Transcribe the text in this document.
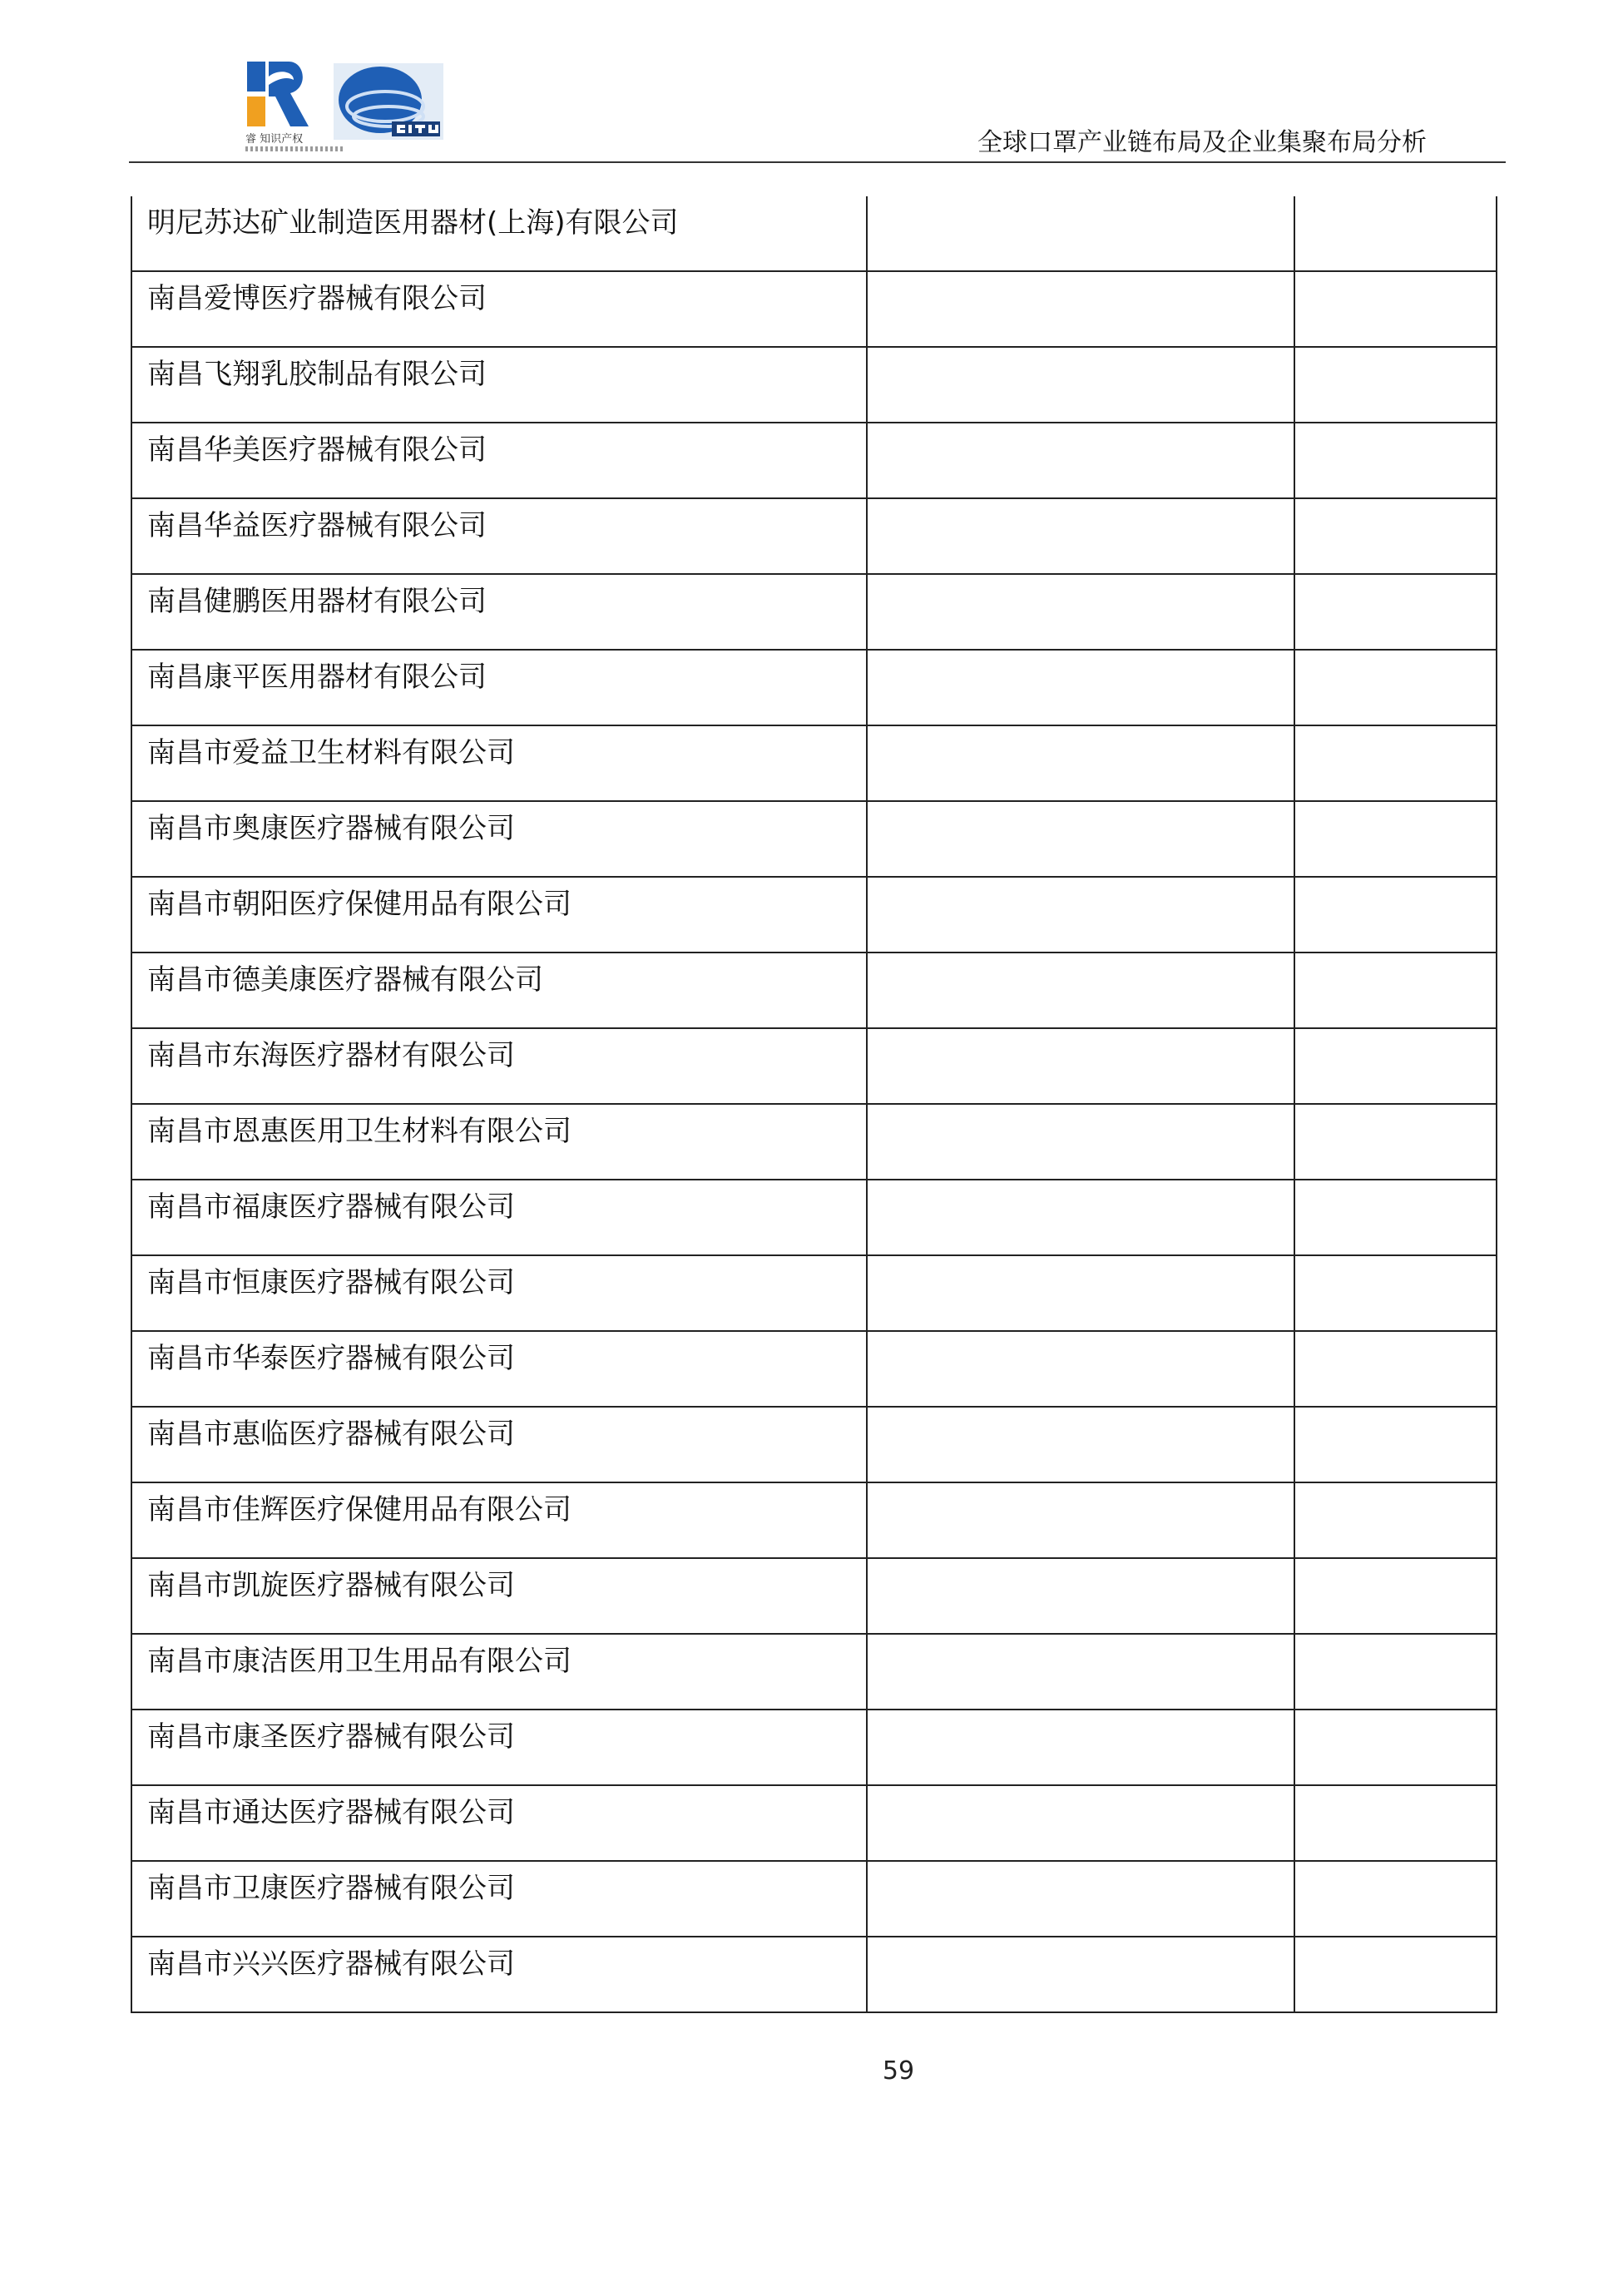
睿 知识产权	全球口罩产业链布局及企业集聚布局分析
明尼苏达矿业制造医用器材(上海)有限公司
南昌爱博医疗器械有限公司
南昌飞翔乳胶制品有限公司
南昌华美医疗器械有限公司
南昌华益医疗器械有限公司
南昌健鹏医用器材有限公司
南昌康平医用器材有限公司
南昌市爱益卫生材料有限公司
南昌市奥康医疗器械有限公司
南昌市朝阳医疗保健用品有限公司
南昌市德美康医疗器械有限公司
南昌市东海医疗器材有限公司
南昌市恩惠医用卫生材料有限公司
南昌市福康医疗器械有限公司
南昌市恒康医疗器械有限公司
南昌市华泰医疗器械有限公司
南昌市惠临医疗器械有限公司
南昌市佳辉医疗保健用品有限公司
南昌市凯旋医疗器械有限公司
南昌市康洁医用卫生用品有限公司
南昌市康圣医疗器械有限公司
南昌市通达医疗器械有限公司
南昌市卫康医疗器械有限公司
南昌市兴兴医疗器械有限公司
59
